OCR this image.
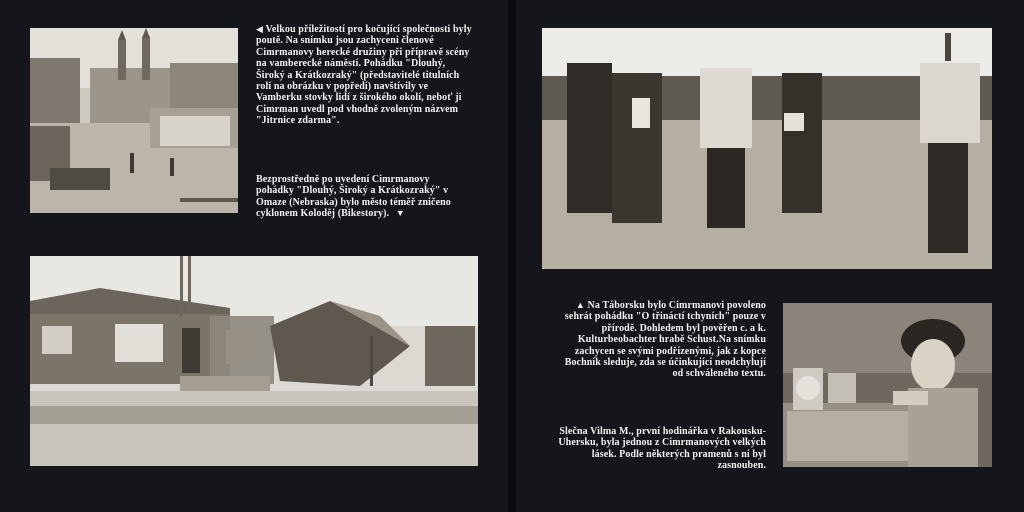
◀ Velkou příležitostí pro kočující společnosti byly poutě. Na snímku jsou zachyceni členové Cimrmanovy herecké družiny při přípravě scény na vamberecké náměstí. Pohádku "Dlouhý, Široký a Krátkozraký" (představitelé titulních rolí na obrázku v popředí) navštívily ve Vamberku stovky lidí z širokého okolí, neboť ji Cimrman uvedl pod vhodně zvoleným názvem "Jitrnice zdarma".
Bezprostředně po uvedení Cimrmanovy pohádky "Dlouhý, Široký a Krátkozraký" v Omaze (Nebraska) bylo město téměř zničeno cyklonem Koloděj (Bikestory). ▼
▲ Na Táborsku bylo Cimrmanovi povoleno sehrát pohádku "O třináctí tchyních" pouze v přírodě. Dohledem byl pověřen c. a k. Kulturbeobachter hrabě Schust.Na snímku zachycen se svými podřízenými, jak z kopce Bochník sleduje, zda se účinkující neodchylují od schváleného textu.
Slečna Vilma M., první hodinářka v Rakousku-Uhersku, byla jednou z Cimrmanových velkých lásek. Podle některých pramenů s ní byl zasnouben.
